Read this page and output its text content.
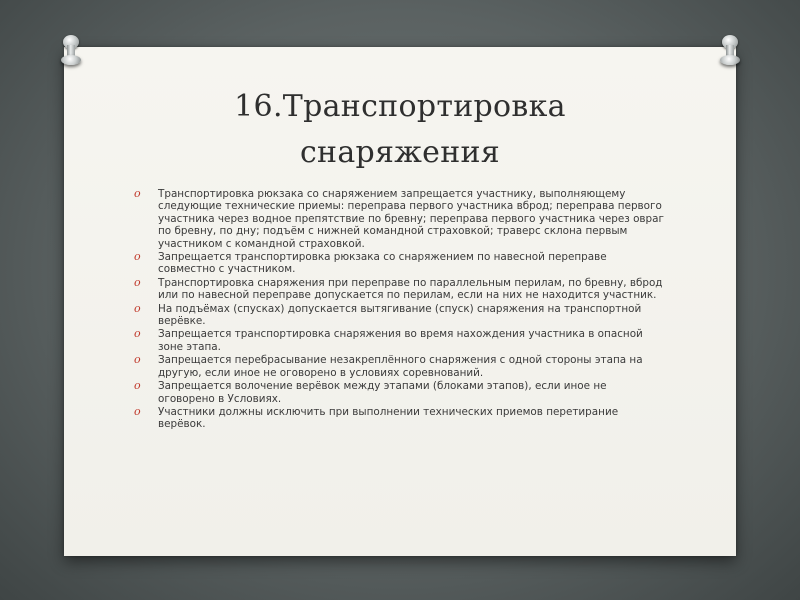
16.Транспортировка
снаряжения
o	Транспортировка рюкзака со снаряжением запрещается участнику, выполняющему следующие технические приемы: переправа первого участника вброд; переправа первого участника через водное препятствие по бревну; переправа первого участника через овраг по бревну, по дну; подъём с нижней командной страховкой; траверс склона первым участником с командной страховкой.
o	Запрещается транспортировка рюкзака со снаряжением по навесной переправе совместно с участником.
o	Транспортировка снаряжения при переправе по параллельным перилам, по бревну, вброд или по навесной переправе допускается по перилам, если на них не находится участник.
o	На подъёмах (спусках) допускается вытягивание (спуск) снаряжения на транспортной верёвке.
o	Запрещается транспортировка снаряжения во время нахождения участника в опасной зоне этапа.
o	Запрещается перебрасывание незакреплённого снаряжения с одной стороны этапа на другую, если иное не оговорено в условиях соревнований.
o	Запрещается волочение верёвок между этапами (блоками этапов), если иное не оговорено в Условиях.
o	Участники должны исключить при выполнении технических приемов перетирание верёвок.
